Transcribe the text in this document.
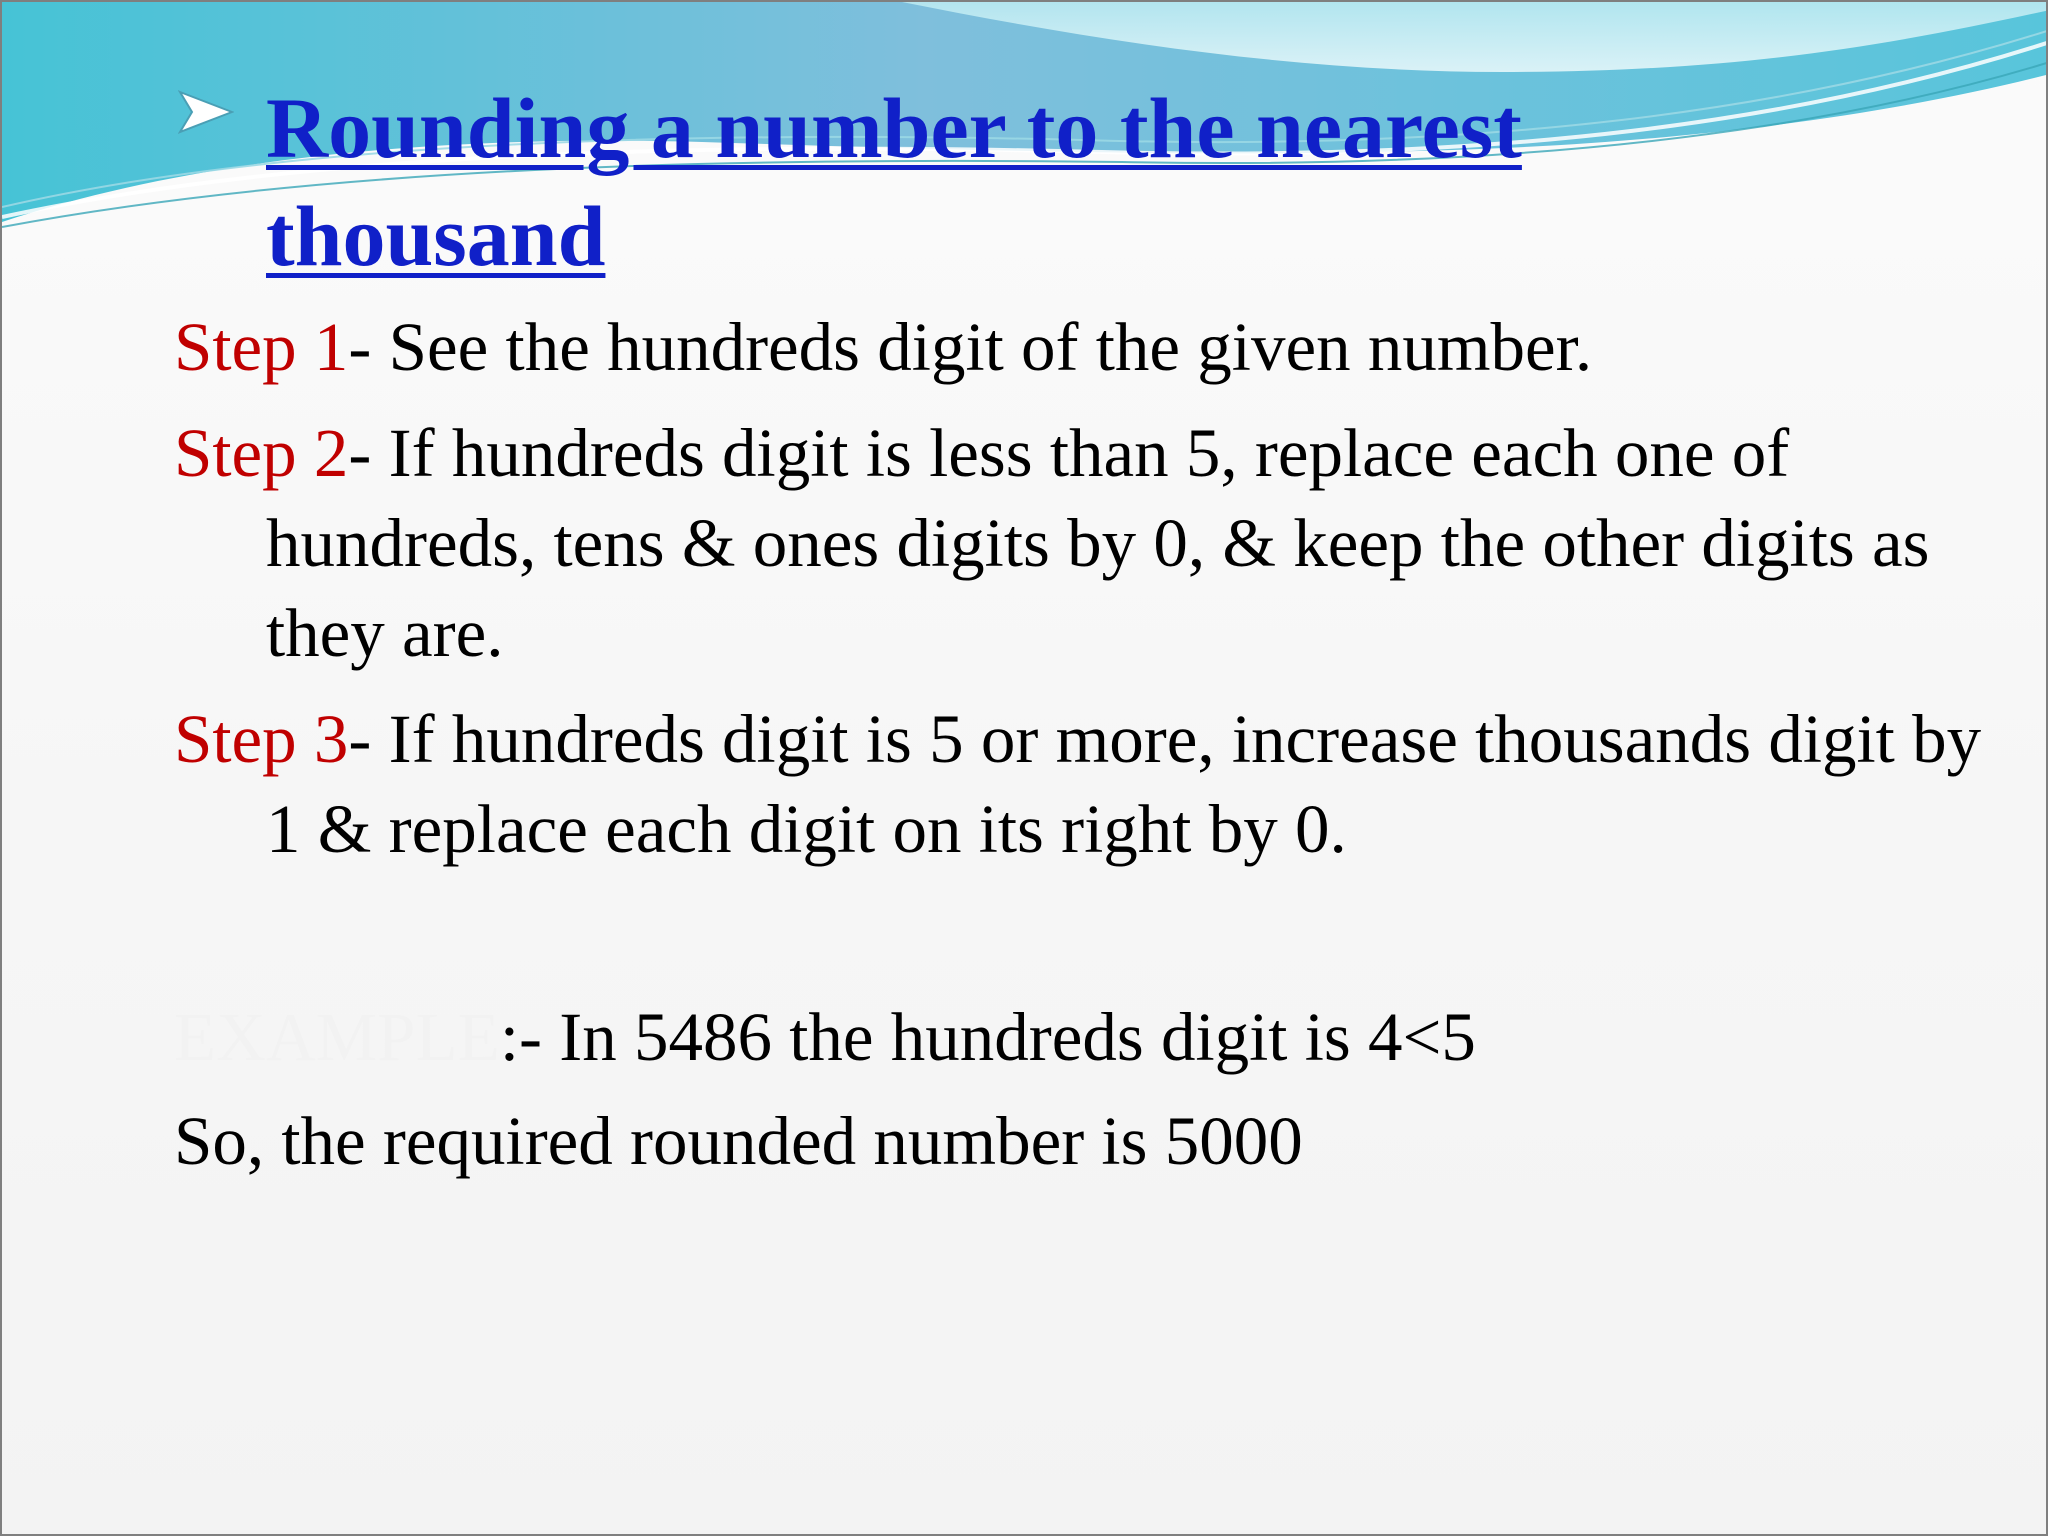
Rounding a number to the nearest thousand

Step 1- See the hundreds digit of the given number.

Step 2- If hundreds digit is less than 5, replace each one of hundreds, tens & ones digits by 0, & keep the other digits as they are.

Step 3- If hundreds digit is 5 or more, increase thousands digit by 1 & replace each digit on its right by 0.

EXAMPLE:- In 5486 the hundreds digit is 4<5
So, the required rounded number is 5000
